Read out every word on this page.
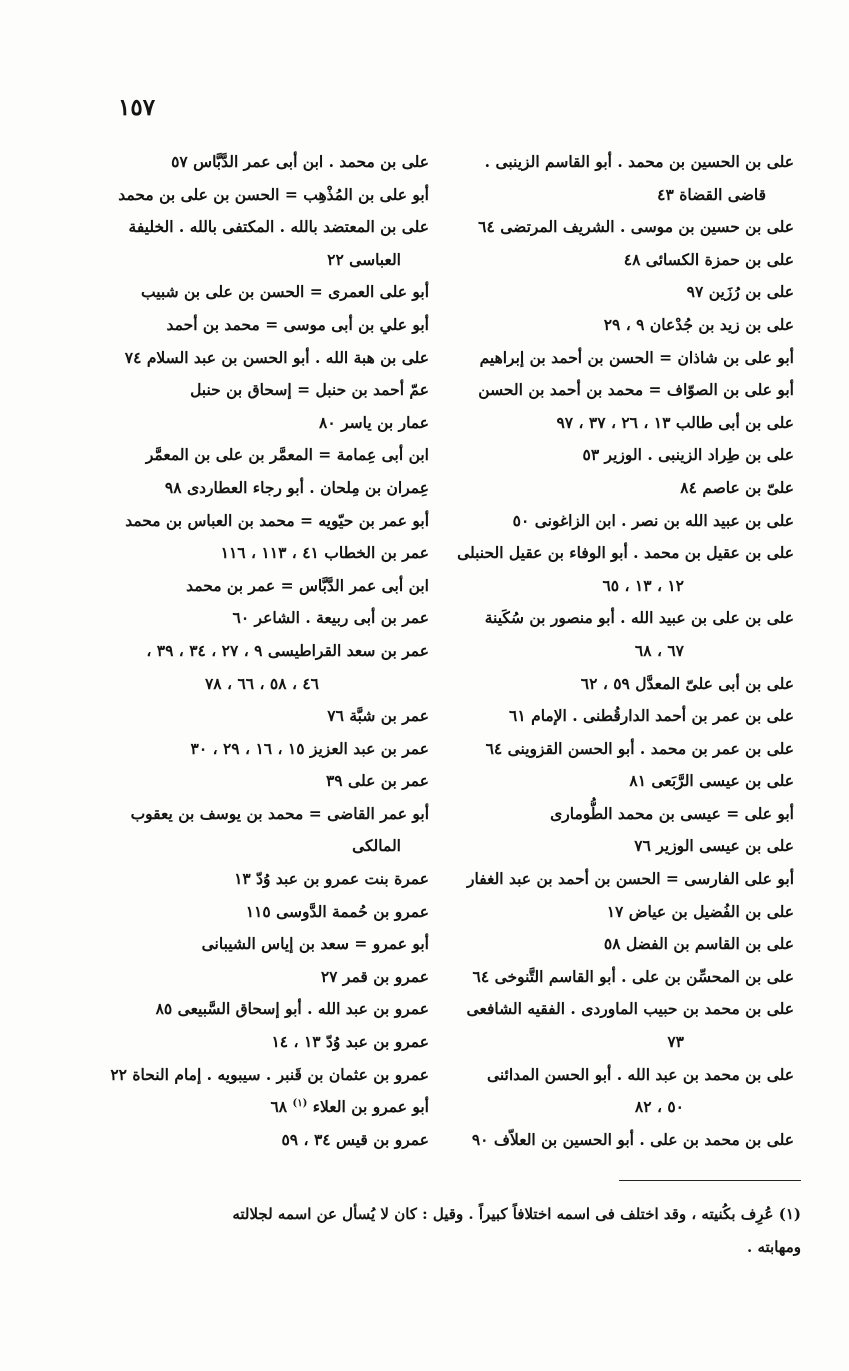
١٥٧
على بن الحسين بن محمد . أبو القاسم الزينبى .
قاضى القضاة ٤٣
على بن حسين بن موسى . الشريف المرتضى ٦٤
على بن حمزة الكسائى ٤٨
على بن رُزَين ٩٧
على بن زيد بن جُدْعان ٩ ، ٢٩
أبو على بن شاذان = الحسن بن أحمد بن إبراهيم
أبو على بن الصوّاف = محمد بن أحمد بن الحسن
على بن أبى طالب ١٣ ، ٢٦ ، ٣٧ ، ٩٧
على بن طِراد الزينبى . الوزير ٥٣
علىّ بن عاصم ٨٤
على بن عبيد الله بن نصر . ابن الزاغونى ٥٠
على بن عقيل بن محمد . أبو الوفاء بن عقيل الحنبلى
١٢ ، ١٣ ، ٦٥
على بن على بن عبيد الله . أبو منصور بن سُكَينة
٦٧ ، ٦٨
على بن أبى علىّ المعدَّل ٥٩ ، ٦٢
على بن عمر بن أحمد الدارقُطنى . الإمام ٦١
على بن عمر بن محمد . أبو الحسن القزوينى ٦٤
على بن عيسى الرَّبَعى ٨١
أبو على = عيسى بن محمد الطُّومارى
على بن عيسى الوزير ٧٦
أبو على الفارسى = الحسن بن أحمد بن عبد الغفار
على بن الفُضيل بن عياض ١٧
على بن القاسم بن الفضل ٥٨
على بن المحسِّن بن على . أبو القاسم التَّنوخى ٦٤
على بن محمد بن حبيب الماوردى . الفقيه الشافعى
٧٣
على بن محمد بن عبد الله . أبو الحسن المدائنى
٥٠ ، ٨٢
على بن محمد بن على . أبو الحسين بن العلاّف ٩٠
على بن محمد . ابن أبى عمر الدَّبَّاس ٥٧
أبو على بن المُذْهِب = الحسن بن على بن محمد
على بن المعتضد بالله . المكتفى بالله . الخليفة
العباسى ٢٢
أبو على العمرى = الحسن بن على بن شبيب
أبو علي بن أبى موسى = محمد بن أحمد
على بن هبة الله . أبو الحسن بن عبد السلام ٧٤
عمّ أحمد بن حنبل = إسحاق بن حنبل
عمار بن ياسر ٨٠
ابن أبى عِمامة = المعمَّر بن على بن المعمَّر
عِمران بن مِلحان . أبو رجاء العطاردى ٩٨
أبو عمر بن حيّويه = محمد بن العباس بن محمد
عمر بن الخطاب ٤١ ، ١١٣ ، ١١٦
ابن أبى عمر الدَّبَّاس = عمر بن محمد
عمر بن أبى ربيعة . الشاعر ٦٠
عمر بن سعد القراطيسى ٩ ، ٢٧ ، ٣٤ ، ٣٩ ،
٤٦ ، ٥٨ ، ٦٦ ، ٧٨
عمر بن شبَّة ٧٦
عمر بن عبد العزيز ١٥ ، ١٦ ، ٢٩ ، ٣٠
عمر بن على ٣٩
أبو عمر القاضى = محمد بن يوسف بن يعقوب
المالكى
عمرة بنت عمرو بن عبد وُدّ ١٣
عمرو بن حُممة الدَّوسى ١١٥
أبو عمرو = سعد بن إياس الشيبانى
عمرو بن قمر ٢٧
عمرو بن عبد الله . أبو إسحاق السَّبيعى ٨٥
عمرو بن عبد وُدّ ١٣ ، ١٤
عمرو بن عثمان بن قَنبر . سيبويه . إمام النحاة ٢٢
أبو عمرو بن العلاء $^{(١)}$ ٦٨
عمرو بن قيس ٣٤ ، ٥٩
(١) عُرِف بكُنيته ، وقد اختلف فى اسمه اختلافاً كبيراً . وقيل : كان لا يُسأل عن اسمه لجلالته
ومهابته .
